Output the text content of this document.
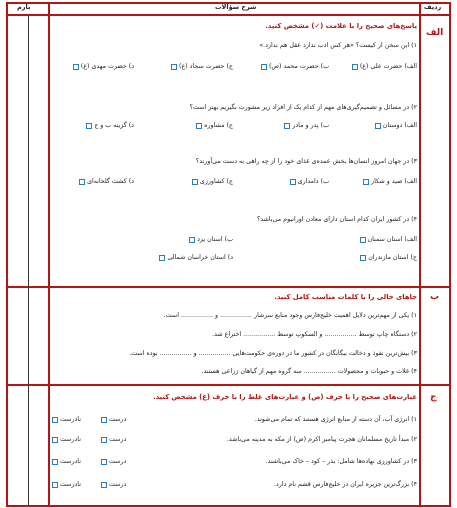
بارم	شرح سؤالات	ردیف
الف
پاسخ‌های صحیح را با علامت (✓) مشخص کنید.
۱) این سخن از کیست؟ «هر کس ادب ندارد عقل هم ندارد.»
الف) حضرت علی (ع)
ب) حضرت محمد (ص)
ج) حضرت سجاد (ع)
د) حضرت مهدی (ع)
۲) در مسائل و تصمیم‌گیری‌های مهم از کدام یک از افراد زیر مشورت بگیریم بهتر است؟
الف) دوستان
ب) پدر و مادر
ج) مشاوره
د) گزینه ب و ج
۳) در جهان امروز انسان‌ها بخش عمده‌ی غذای خود را از چه راهی به دست می‌آورند؟
الف) صید و شکار
ب) دامداری
ج) کشاورزی
د) کشت گلخانه‌ای
۴) در کشور ایران کدام استان دارای معادن اورانیوم می‌باشد؟
الف) استان سمنان
ب) استان یزد
ج) استان مازندران
د) استان خراسان شمالی
ب
جاهای خالی را با کلمات مناسب کامل کنید.
۱) یکی از مهم‌ترین دلایل اهمیت خلیج‌فارس وجود منابع سرشار ................ و ................ است.
۲) دستگاه چاپ توسط ................ و السکوپ توسط ................ اختراع شد.
۳) بیش‌ترین نفوذ و دخالت بیگانگان در کشور ما در دوره‌ی حکومت‌هایی ................ و ................ بوده است.
۴) غلات و حبوبات و محصولات ................ سه گروه مهم از گیاهان زراعی هستند.
ج
عبارت‌های صحیح را با حرف (ص) و عبارت‌های غلط را با حرف (غ) مشخص کنید.
۱) انرژی آب، آن دسته از منابع انرژی هستند که تمام می‌شوند.
درست
نادرست
۲) مبدأ تاریخ مسلمانان هجرت پیامبر اکرم (ص) از مکه به مدینه می‌باشد.
درست
نادرست
۳) در کشاورزی نهاده‌ها شامل: بذر – کود – خاک می‌باشند.
درست
نادرست
۴) بزرگ‌ترین جزیره ایران در خلیج‌فارس قشم نام دارد.
درست
نادرست
